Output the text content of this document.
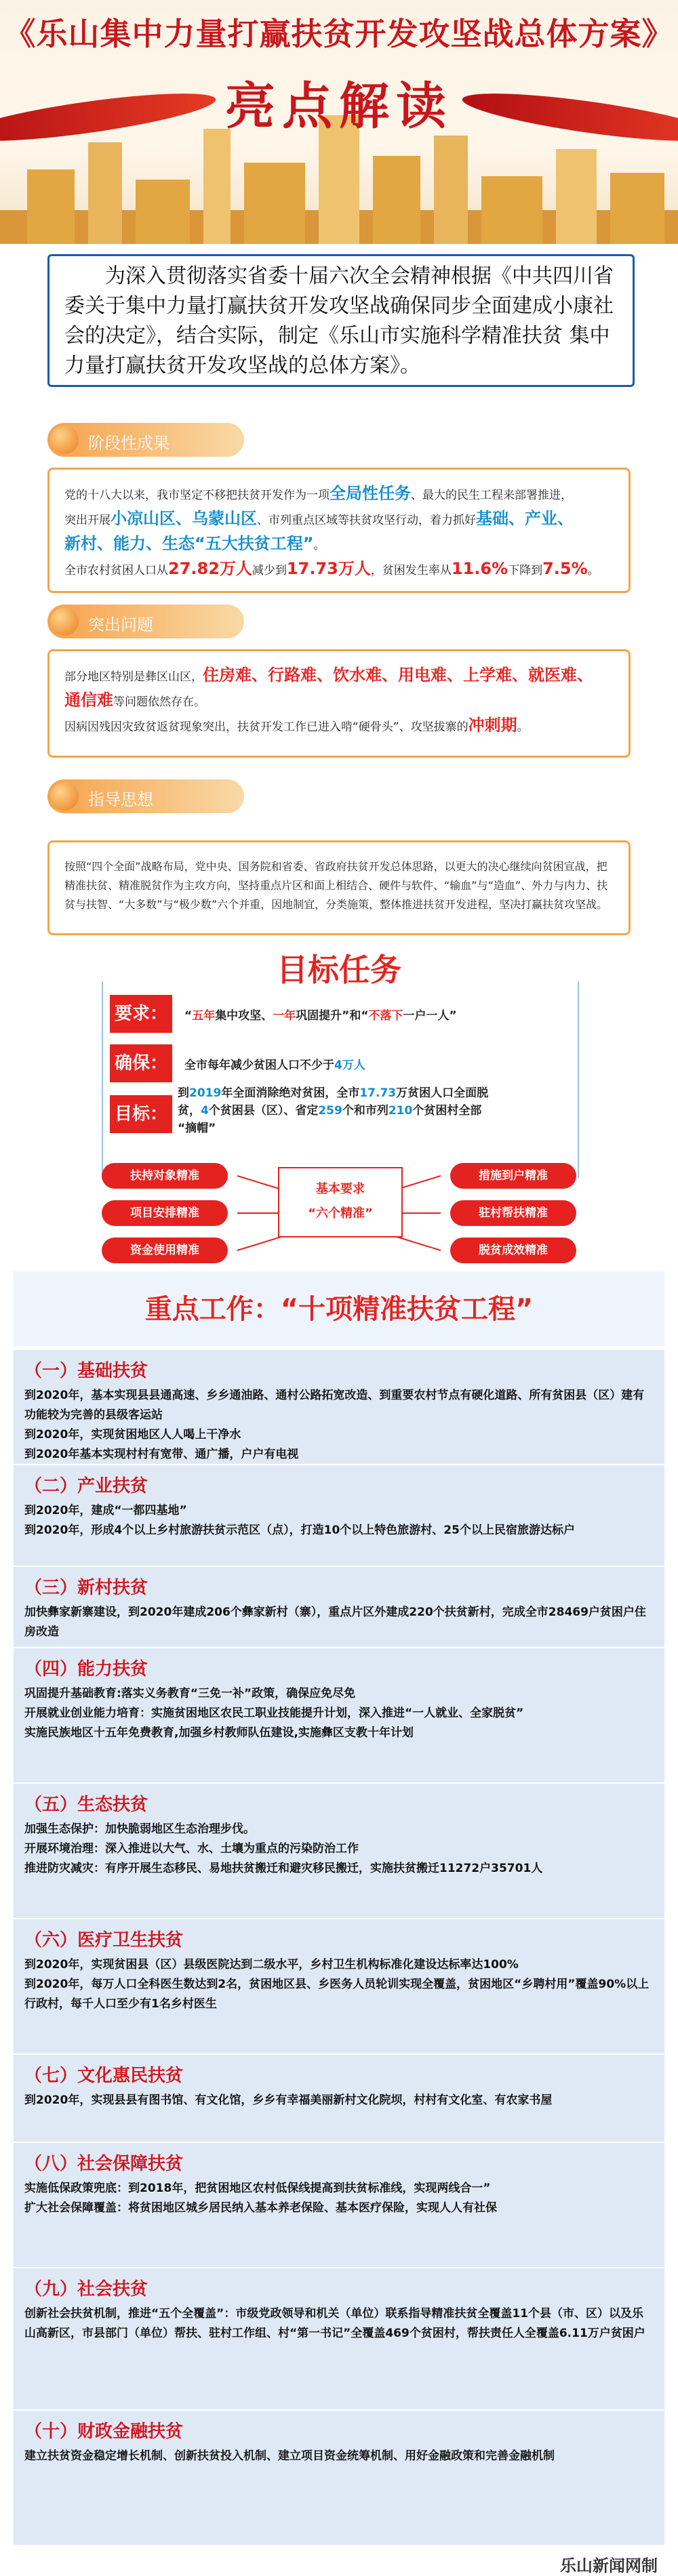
《乐山集中力量打赢扶贫开发攻坚战总体方案》
亮点解读

为深入贯彻落实省委十届六次全会精神根据《中共四川省委关于集中力量打赢扶贫开发攻坚战确保同步全面建成小康社会的决定》，结合实际，制定《乐山市实施科学精准扶贫 集中力量打赢扶贫开发攻坚战的总体方案》。

阶段性成果

党的十八大以来，我市坚定不移把扶贫开发作为一项全局性任务、最大的民生工程来部署推进，

突出开展小凉山区、乌蒙山区、市列重点区域等扶贫攻坚行动，着力抓好基础、产业、

新村、能力、生态“五大扶贫工程”。

全市农村贫困人口从27.82万人减少到17.73万人，贫困发生率从11.6%下降到7.5%。

突出问题

部分地区特别是彝区山区，住房难、行路难、饮水难、用电难、上学难、就医难、

通信难等问题依然存在。

因病因残因灾致贫返贫现象突出，扶贫开发工作已进入啃“硬骨头”、攻坚拔寨的冲刺期。

指导思想

按照“四个全面”战略布局，党中央、国务院和省委、省政府扶贫开发总体思路，以更大的决心继续向贫困宣战，把精准扶贫、精准脱贫作为主攻方向，坚持重点片区和面上相结合、硬件与软件、“输血”与“造血”、外力与内力、扶贫与扶智、“大多数”与“极少数”六个并重，因地制宜，分类施策，整体推进扶贫开发进程，坚决打赢扶贫攻坚战。

目标任务
要求：	“五年集中攻坚、一年巩固提升”和“不落下一户一人”
确保：	全市每年减少贫困人口不少于4万人
目标：
到2019年全面消除绝对贫困，全市17.73万贫困人口全面脱
贫，4个贫困县（区）、省定259个和市列210个贫困村全部
“摘帽”
基本要求
“六个精准”
扶持对象精准
项目安排精准
资金使用精准
措施到户精准
驻村帮扶精准
脱贫成效精准
重点工作：“十项精准扶贫工程”
（一）基础扶贫

到2020年，基本实现县县通高速、乡乡通油路、通村公路拓宽改造、到重要农村节点有硬化道路、所有贫困县（区）建有功能较为完善的县级客运站

到2020年，实现贫困地区人人喝上干净水

到2020年基本实现村村有宽带、通广播，户户有电视

（二）产业扶贫

到2020年，建成“一都四基地”

到2020年，形成4个以上乡村旅游扶贫示范区（点），打造10个以上特色旅游村、25个以上民宿旅游达标户

（三）新村扶贫

加快彝家新寨建设，到2020年建成206个彝家新村（寨），重点片区外建成220个扶贫新村，完成全市28469户贫困户住房改造

（四）能力扶贫

巩固提升基础教育:落实义务教育“三免一补”政策，确保应免尽免

开展就业创业能力培育：实施贫困地区农民工职业技能提升计划，深入推进“一人就业、全家脱贫”

实施民族地区十五年免费教育,加强乡村教师队伍建设,实施彝区支教十年计划

（五）生态扶贫

加强生态保护：加快脆弱地区生态治理步伐。

开展环境治理：深入推进以大气、水、土壤为重点的污染防治工作

推进防灾减灾：有序开展生态移民、易地扶贫搬迁和避灾移民搬迁，实施扶贫搬迁11272户35701人

（六）医疗卫生扶贫

到2020年，实现贫困县（区）县级医院达到二级水平，乡村卫生机构标准化建设达标率达100%

到2020年，每万人口全科医生数达到2名，贫困地区县、乡医务人员轮训实现全覆盖，贫困地区“乡聘村用”覆盖90%以上行政村，每千人口至少有1名乡村医生

（七）文化惠民扶贫

到2020年，实现县县有图书馆、有文化馆，乡乡有幸福美丽新村文化院坝，村村有文化室、有农家书屋

（八）社会保障扶贫

实施低保政策兜底：到2018年，把贫困地区农村低保线提高到扶贫标准线，实现两线合一”

扩大社会保障覆盖：将贫困地区城乡居民纳入基本养老保险、基本医疗保险，实现人人有社保

（九）社会扶贫

创新社会扶贫机制，推进“五个全覆盖”：市级党政领导和机关（单位）联系指导精准扶贫全覆盖11个县（市、区）以及乐山高新区，市县部门（单位）帮扶、驻村工作组、村“第一书记”全覆盖469个贫困村，帮扶责任人全覆盖6.11万户贫困户

（十）财政金融扶贫

建立扶贫资金稳定增长机制、创新扶贫投入机制、建立项目资金统筹机制、用好金融政策和完善金融机制

乐山新闻网制
